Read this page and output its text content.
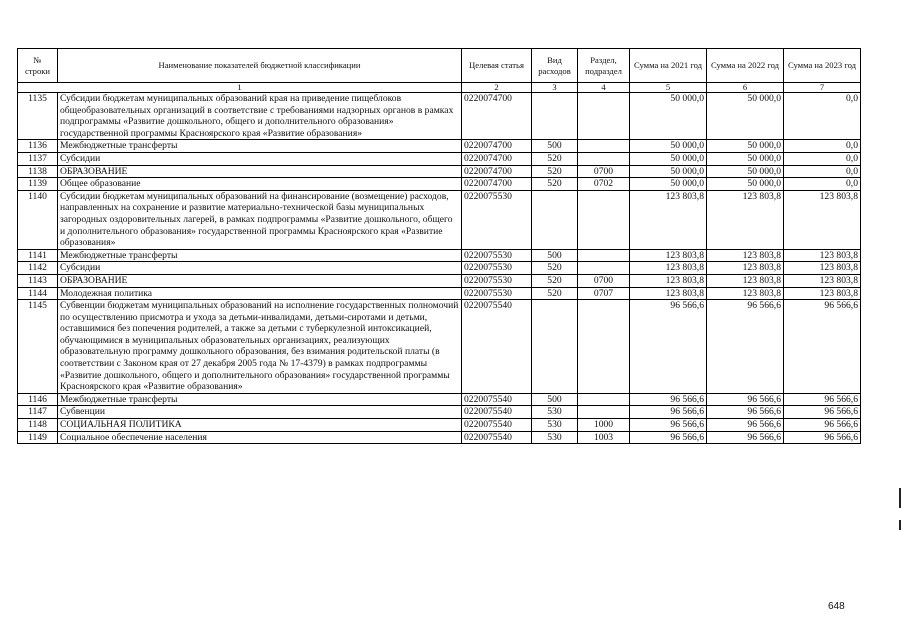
№ строки	Наименование показателей бюджетной классификации	Целевая статья	Вид расходов	Раздел, подраздел	Сумма на 2021 год	Сумма на 2022 год	Сумма на 2023 год
1		2	3	4	5	6	7
1135	Субсидии бюджетам муниципальных образований края на приведение пищеблоков общеобразовательных организаций в соответствие с требованиями надзорных органов в рамках подпрограммы «Развитие дошкольного, общего и дополнительного образования» государственной программы Красноярского края «Развитие образования»	0220074700			50 000,0	50 000,0	0,0
1136	Межбюджетные трансферты	0220074700	500		50 000,0	50 000,0	0,0
1137	Субсидии	0220074700	520		50 000,0	50 000,0	0,0
1138	ОБРАЗОВАНИЕ	0220074700	520	0700	50 000,0	50 000,0	0,0
1139	Общее образование	0220074700	520	0702	50 000,0	50 000,0	0,0
1140	Субсидии бюджетам муниципальных образований на финансирование (возмещение) расходов, направленных на сохранение и развитие материально-технической базы муниципальных загородных оздоровительных лагерей, в рамках подпрограммы «Развитие дошкольного, общего и дополнительного образования» государственной программы Красноярского края «Развитие образования»	0220075530			123 803,8	123 803,8	123 803,8
1141	Межбюджетные трансферты	0220075530	500		123 803,8	123 803,8	123 803,8
1142	Субсидии	0220075530	520		123 803,8	123 803,8	123 803,8
1143	ОБРАЗОВАНИЕ	0220075530	520	0700	123 803,8	123 803,8	123 803,8
1144	Молодежная политика	0220075530	520	0707	123 803,8	123 803,8	123 803,8
1145	Субвенции бюджетам муниципальных образований на исполнение государственных полномочий по осуществлению присмотра и ухода за детьми-инвалидами, детьми-сиротами и детьми, оставшимися без попечения родителей, а также за детьми с туберкулезной интоксикацией, обучающимися в муниципальных образовательных организациях, реализующих образовательную программу дошкольного образования, без взимания родительской платы (в соответствии с Законом края от 27 декабря 2005 года № 17-4379) в рамках подпрограммы «Развитие дошкольного, общего и дополнительного образования» государственной программы Красноярского края «Развитие образования»	0220075540			96 566,6	96 566,6	96 566,6
1146	Межбюджетные трансферты	0220075540	500		96 566,6	96 566,6	96 566,6
1147	Субвенции	0220075540	530		96 566,6	96 566,6	96 566,6
1148	СОЦИАЛЬНАЯ ПОЛИТИКА	0220075540	530	1000	96 566,6	96 566,6	96 566,6
1149	Социальное обеспечение населения	0220075540	530	1003	96 566,6	96 566,6	96 566,6
648
